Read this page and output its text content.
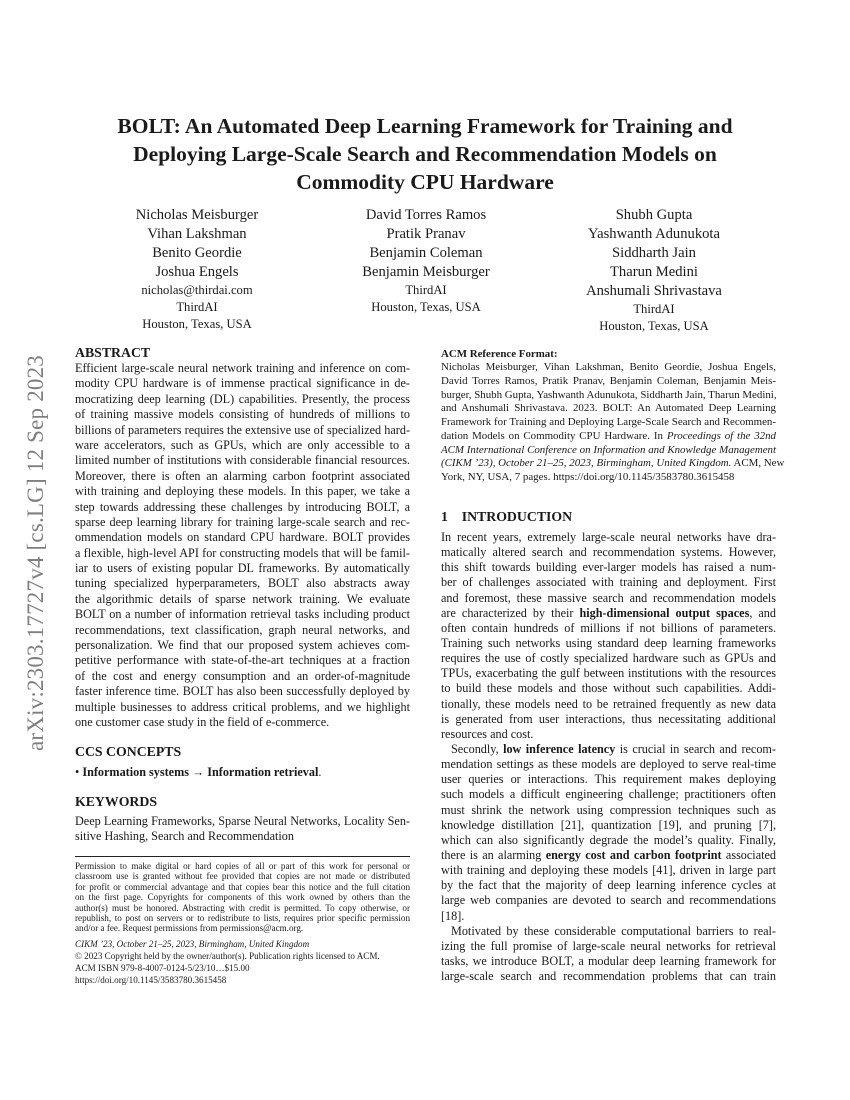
arXiv:2303.17727v4 [cs.LG] 12 Sep 2023
BOLT: An Automated Deep Learning Framework for Training and
Deploying Large-Scale Search and Recommendation Models on
Commodity CPU Hardware
Nicholas Meisburger
Vihan Lakshman
Benito Geordie
Joshua Engels
nicholas@thirdai.com
ThirdAI
Houston, Texas, USA
David Torres Ramos
Pratik Pranav
Benjamin Coleman
Benjamin Meisburger
ThirdAI
Houston, Texas, USA
Shubh Gupta
Yashwanth Adunukota
Siddharth Jain
Tharun Medini
Anshumali Shrivastava
ThirdAI
Houston, Texas, USA
ABSTRACT
Efficient large-scale neural network training and inference on com-
modity CPU hardware is of immense practical significance in de-
mocratizing deep learning (DL) capabilities. Presently, the process
of training massive models consisting of hundreds of millions to
billions of parameters requires the extensive use of specialized hard-
ware accelerators, such as GPUs, which are only accessible to a
limited number of institutions with considerable financial resources.
Moreover, there is often an alarming carbon footprint associated
with training and deploying these models. In this paper, we take a
step towards addressing these challenges by introducing BOLT, a
sparse deep learning library for training large-scale search and rec-
ommendation models on standard CPU hardware. BOLT provides
a flexible, high-level API for constructing models that will be famil-
iar to users of existing popular DL frameworks. By automatically
tuning specialized hyperparameters, BOLT also abstracts away
the algorithmic details of sparse network training. We evaluate
BOLT on a number of information retrieval tasks including product
recommendations, text classification, graph neural networks, and
personalization. We find that our proposed system achieves com-
petitive performance with state-of-the-art techniques at a fraction
of the cost and energy consumption and an order-of-magnitude
faster inference time. BOLT has also been successfully deployed by
multiple businesses to address critical problems, and we highlight
one customer case study in the field of e-commerce.
CCS CONCEPTS
• Information systems → Information retrieval.
KEYWORDS
Deep Learning Frameworks, Sparse Neural Networks, Locality Sen-
sitive Hashing, Search and Recommendation
Permission to make digital or hard copies of all or part of this work for personal or
classroom use is granted without fee provided that copies are not made or distributed
for profit or commercial advantage and that copies bear this notice and the full citation
on the first page. Copyrights for components of this work owned by others than the
author(s) must be honored. Abstracting with credit is permitted. To copy otherwise, or
republish, to post on servers or to redistribute to lists, requires prior specific permission
and/or a fee. Request permissions from permissions@acm.org.
CIKM ’23, October 21–25, 2023, Birmingham, United Kingdom
© 2023 Copyright held by the owner/author(s). Publication rights licensed to ACM.
ACM ISBN 979-8-4007-0124-5/23/10…$15.00
https://doi.org/10.1145/3583780.3615458
ACM Reference Format:
Nicholas Meisburger, Vihan Lakshman, Benito Geordie, Joshua Engels,
David Torres Ramos, Pratik Pranav, Benjamin Coleman, Benjamin Meis-
burger, Shubh Gupta, Yashwanth Adunukota, Siddharth Jain, Tharun Medini,
and Anshumali Shrivastava. 2023. BOLT: An Automated Deep Learning
Framework for Training and Deploying Large-Scale Search and Recommen-
dation Models on Commodity CPU Hardware. In Proceedings of the 32nd
ACM International Conference on Information and Knowledge Management
(CIKM ’23), October 21–25, 2023, Birmingham, United Kingdom. ACM, New
York, NY, USA, 7 pages. https://doi.org/10.1145/3583780.3615458
1    INTRODUCTION
In recent years, extremely large-scale neural networks have dra-
matically altered search and recommendation systems. However,
this shift towards building ever-larger models has raised a num-
ber of challenges associated with training and deployment. First
and foremost, these massive search and recommendation models
are characterized by their high-dimensional output spaces, and
often contain hundreds of millions if not billions of parameters.
Training such networks using standard deep learning frameworks
requires the use of costly specialized hardware such as GPUs and
TPUs, exacerbating the gulf between institutions with the resources
to build these models and those without such capabilities. Addi-
tionally, these models need to be retrained frequently as new data
is generated from user interactions, thus necessitating additional
resources and cost.
Secondly, low inference latency is crucial in search and recom-
mendation settings as these models are deployed to serve real-time
user queries or interactions. This requirement makes deploying
such models a difficult engineering challenge; practitioners often
must shrink the network using compression techniques such as
knowledge distillation [21], quantization [19], and pruning [7],
which can also significantly degrade the model’s quality. Finally,
there is an alarming energy cost and carbon footprint associated
with training and deploying these models [41], driven in large part
by the fact that the majority of deep learning inference cycles at
large web companies are devoted to search and recommendations
[18].
Motivated by these considerable computational barriers to real-
izing the full promise of large-scale neural networks for retrieval
tasks, we introduce BOLT, a modular deep learning framework for
large-scale search and recommendation problems that can train
